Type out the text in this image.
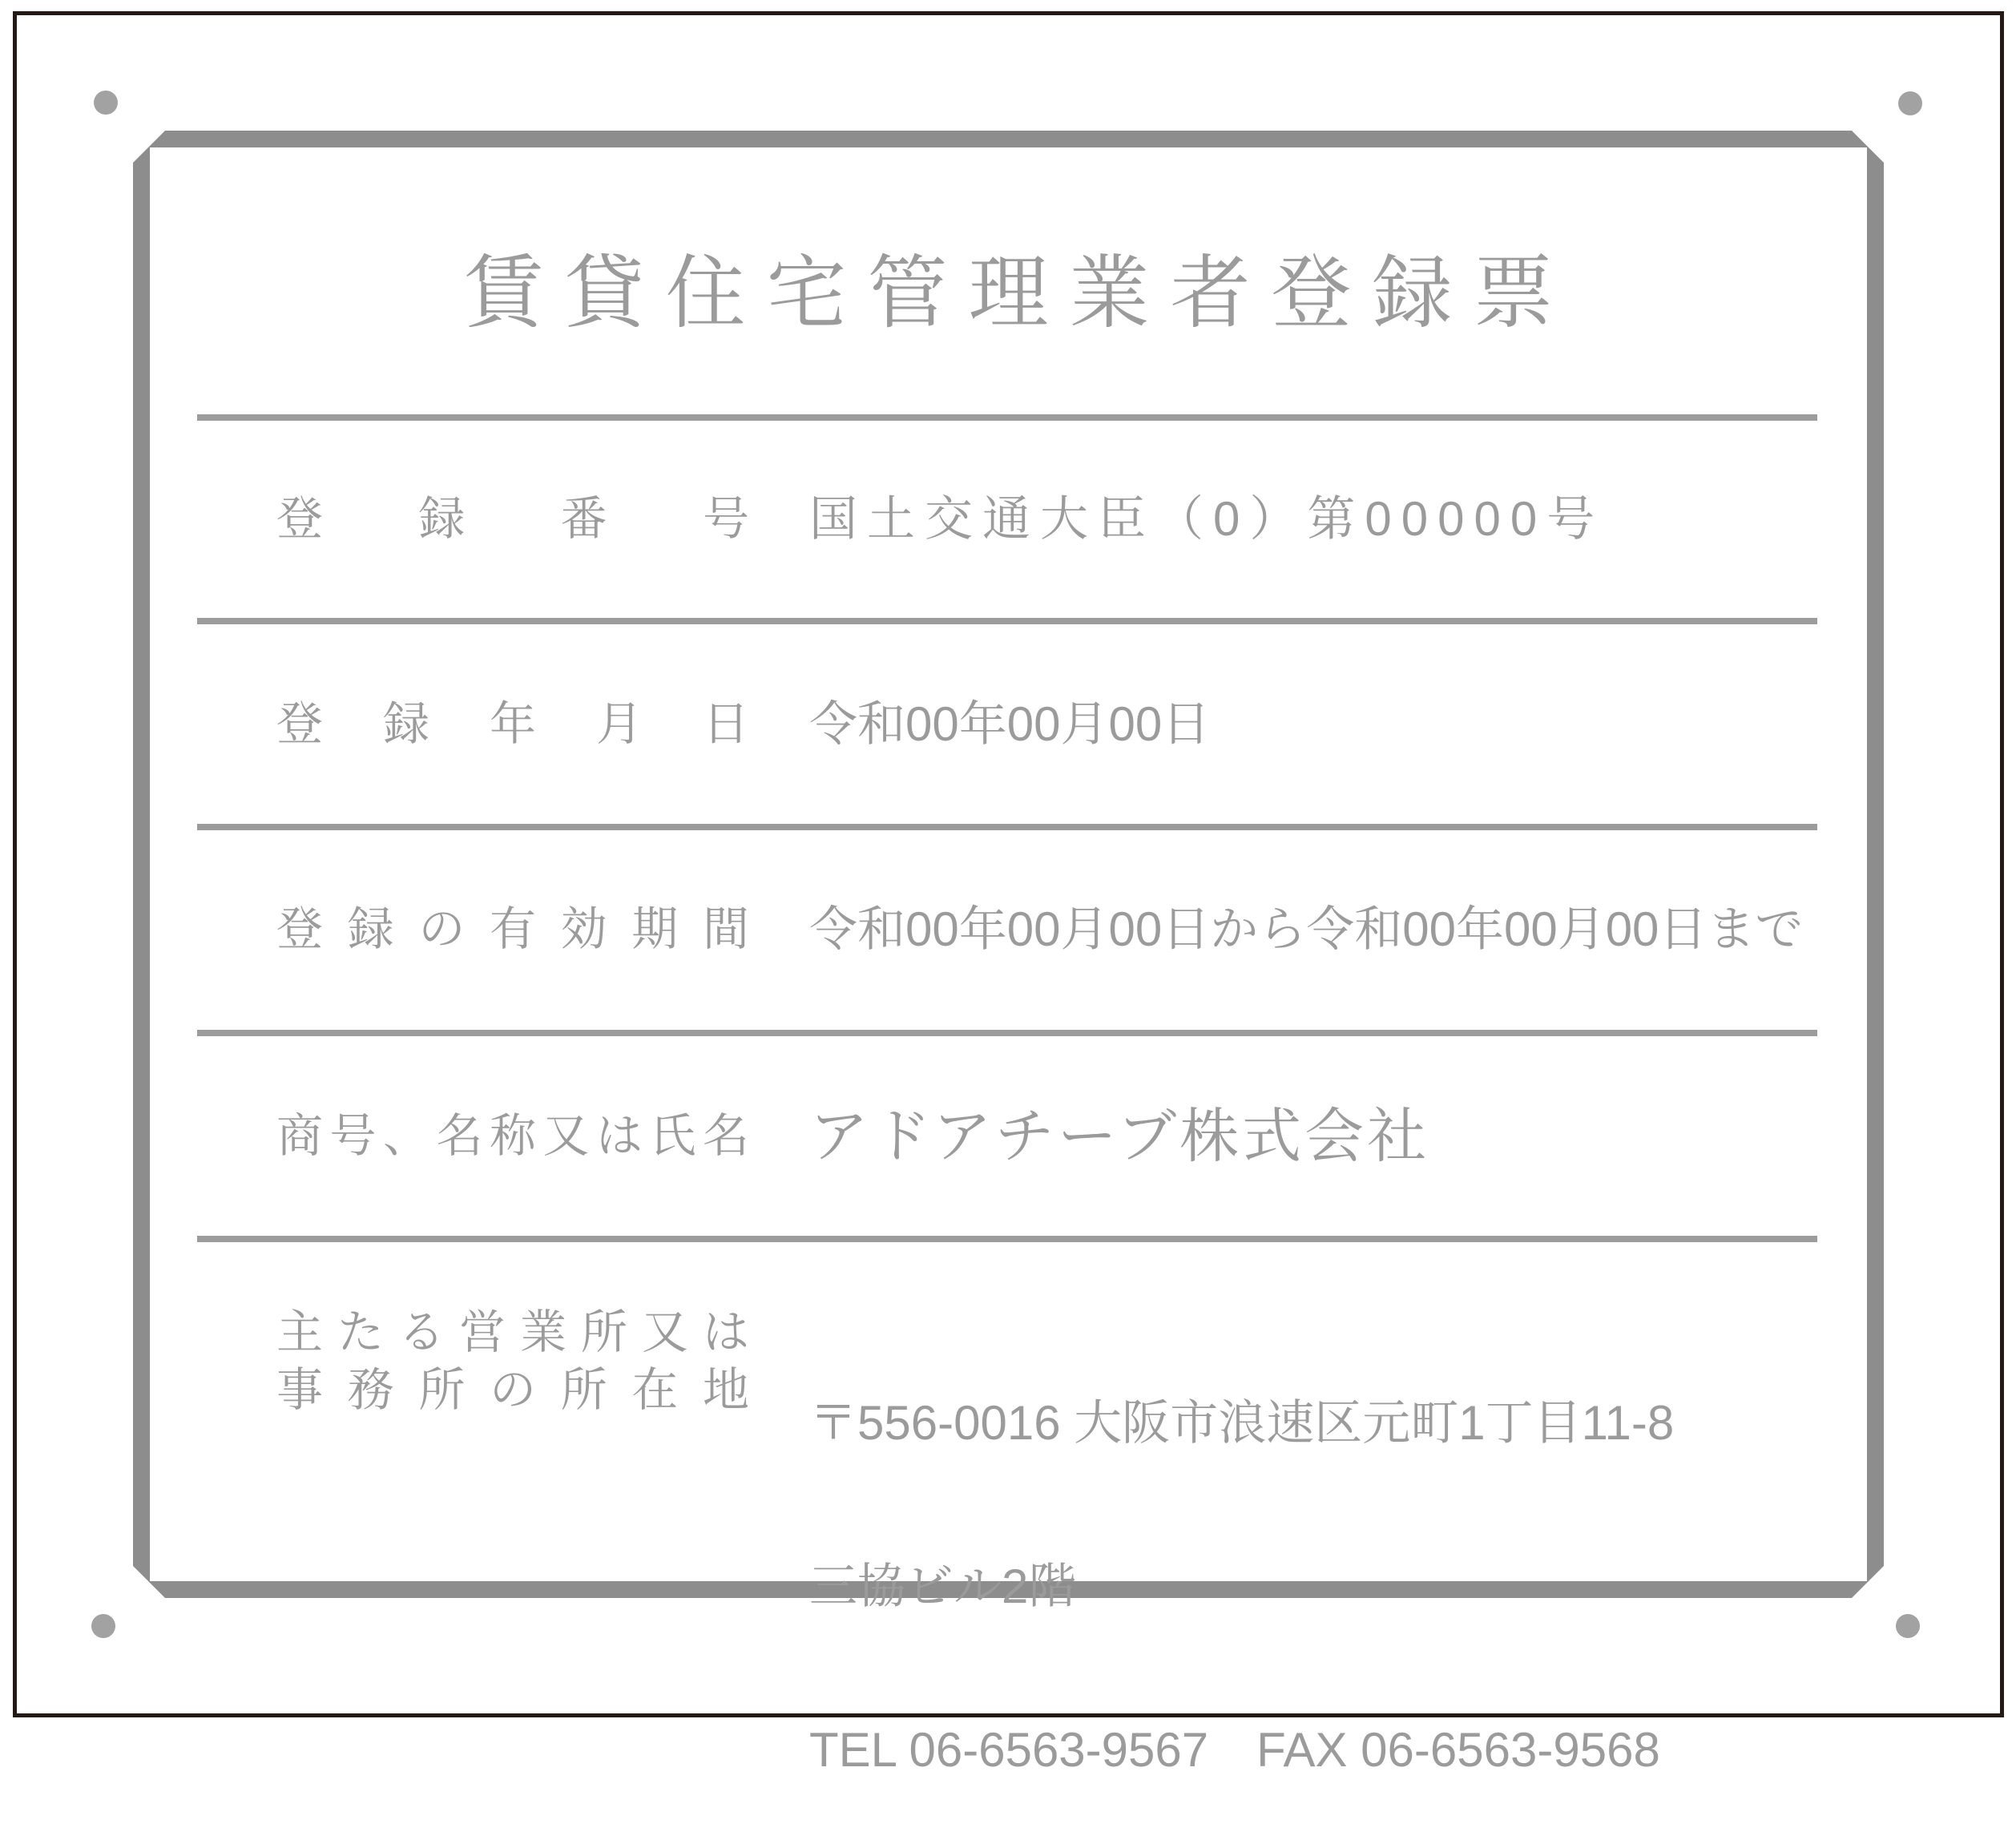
賃貸住宅管理業者登録票
登 録 番 号 国土交通大臣（0）第00000号
登 録 年 月 日 令和00年00月00日
登 録 の 有 効 期 間 令和00年00月00日から令和00年00月00日まで
商 号 、 名 称 又 は 氏 名 アドアチーブ株式会社
主 た る 営 業 所 又 は
事 務 所 の 所 在 地

〒556-0016 大阪市浪速区元町1丁目11-8

三協ビル2階

TEL 06-6563-9567　FAX 06-6563-9568
